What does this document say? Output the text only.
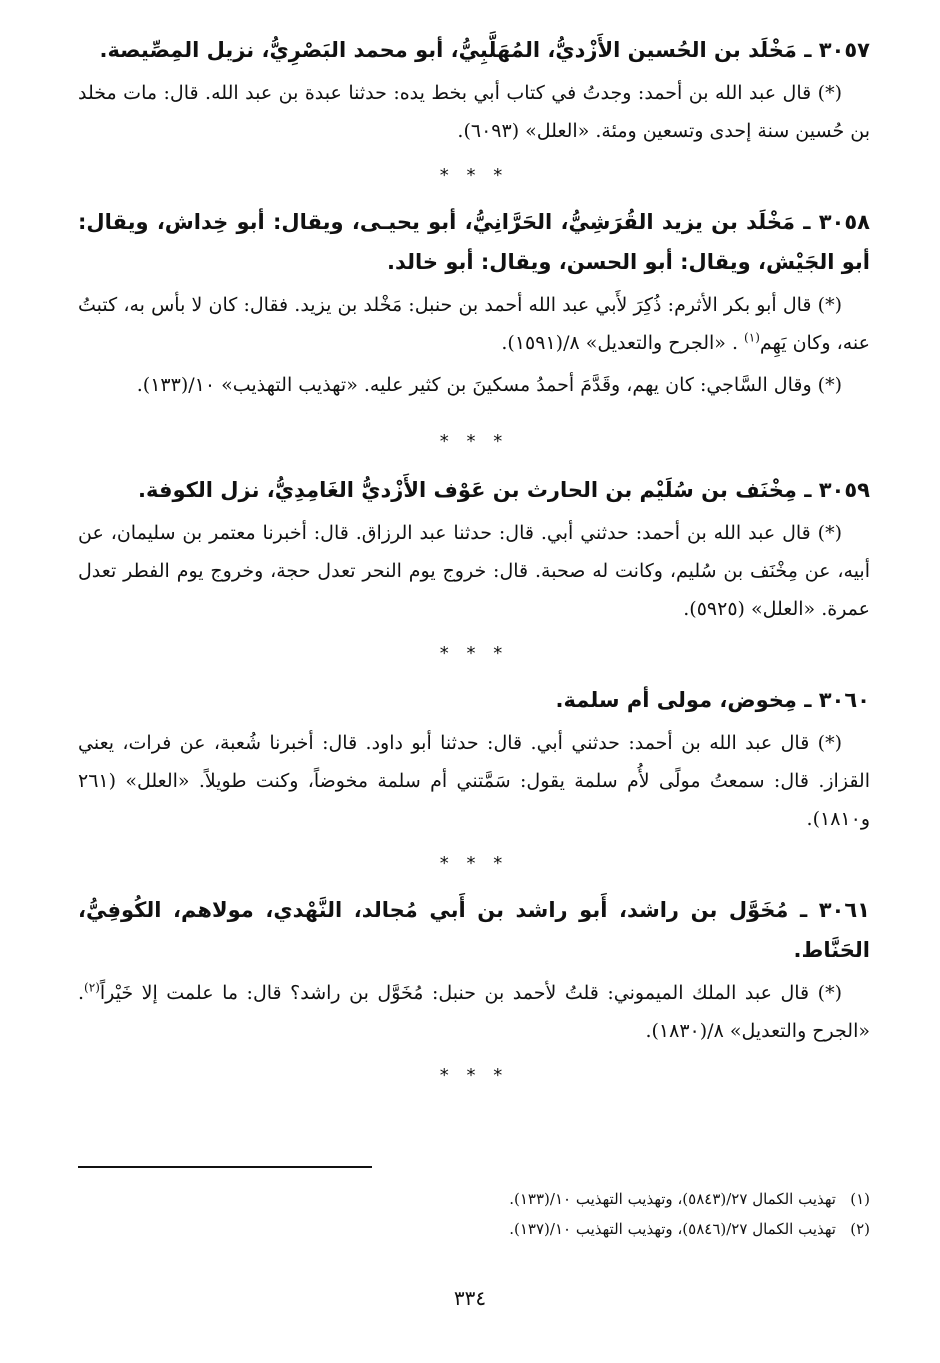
٣٠٥٧ ـ مَخْلَد بن الحُسين الأَزْديُّ، المُهَلَّبِيُّ، أبو محمد البَصْرِيُّ، نزيل المِصِّيصة.

(*) قال عبد الله بن أحمد: وجدتُ في كتاب أبي بخط يده: حدثنا عبدة بن عبد الله. قال: مات مخلد بن حُسين سنة إحدى وتسعين ومئة. «العلل» (٦٠٩٣).

* * *

٣٠٥٨ ـ مَخْلَد بن يزيد القُرَشِيُّ، الحَرَّانِيُّ، أبو يحيـى، ويقال: أبو خِداش، ويقال: أبو الجَيْش، ويقال: أبو الحسن، ويقال: أبو خالد.

(*) قال أبو بكر الأثرم: ذُكِرَ لأَبي عبد الله أحمد بن حنبل: مَخْلد بن يزيد. فقال: كان لا بأس به، كتبتُ عنه، وكان يَهِم$^{(١)}$ . «الجرح والتعديل» ٨/(١٥٩١).

(*) وقال السَّاجي: كان يهم، وقَدَّمَ أحمدُ مسكينَ بن كثير عليه. «تهذيب التهذيب» ١٠/(١٣٣).

* * *

٣٠٥٩ ـ مِخْنَف بن سُلَيْم بن الحارث بن عَوْف الأَزْديُّ الغَامِدِيُّ، نزل الكوفة.

(*) قال عبد الله بن أحمد: حدثني أبي. قال: حدثنا عبد الرزاق. قال: أخبرنا معتمر بن سليمان، عن أبيه، عن مِخْنَف بن سُليم، وكانت له صحبة. قال: خروج يوم النحر تعدل حجة، وخروج يوم الفطر تعدل عمرة. «العلل» (٥٩٢٥).

* * *

٣٠٦٠ ـ مِخوض، مولى أم سلمة.

(*) قال عبد الله بن أحمد: حدثني أبي. قال: حدثنا أبو داود. قال: أخبرنا شُعبة، عن فرات، يعني القزاز. قال: سمعتُ مولًى لأُم سلمة يقول: سَمَّتني أم سلمة مخوضاً، وكنت طويلاً. «العلل» (٢٦١ و١٨١٠).

* * *

٣٠٦١ ـ مُخَوَّل بن راشد، أَبو راشد بن أَبي مُجالد، النَّهْدي، مولاهم، الكُوفِيُّ، الحَنَّاط.

(*) قال عبد الملك الميموني: قلتُ لأحمد بن حنبل: مُخَوَّل بن راشد؟ قال: ما علمت إلا خَيْراً$^{(٢)}$. «الجرح والتعديل» ٨/(١٨٣٠).

* * *

(١)تهذيب الكمال ٢٧/(٥٨٤٣)، وتهذيب التهذيب ١٠/(١٣٣).

(٢)تهذيب الكمال ٢٧/(٥٨٤٦)، وتهذيب التهذيب ١٠/(١٣٧).

٣٣٤
